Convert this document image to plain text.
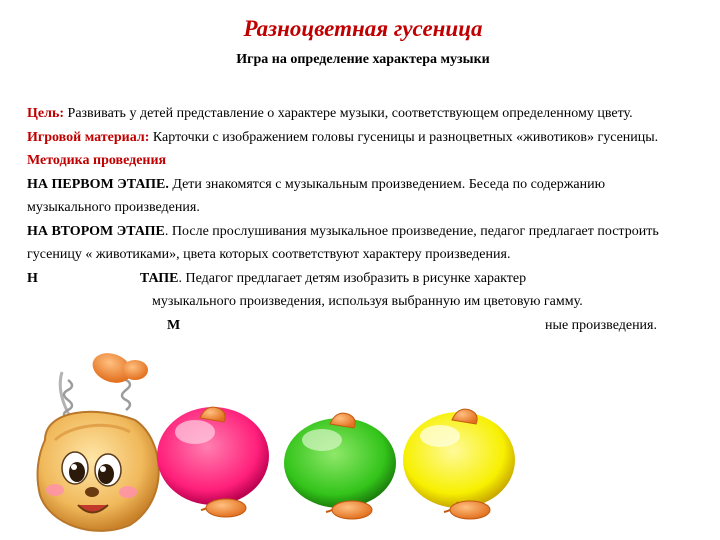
Разноцветная гусеница
Игра на определение характера музыки

Цель: Развивать у детей представление о характере музыки, соответствующем определенному цвету.

Игровой материал: Карточки с изображением головы гусеницы и разноцветных «животиков» гусеницы.

Методика проведения

НА ПЕРВОМ ЭТАПЕ. Дети знакомятся с музыкальным произведением. Беседа по содержанию музыкального произведения.

НА ВТОРОМ ЭТАПЕ. После прослушивания музыкальное произведение, педагог предлагает построить гусеницу « животиками», цвета которых соответствуют характеру произведения.

Н	ТАПЕ. Педагог предлагает детям изобразить в рисунке характер

музыкального произведения, используя выбранную им цветовую гамму.

М	ные произведения.
